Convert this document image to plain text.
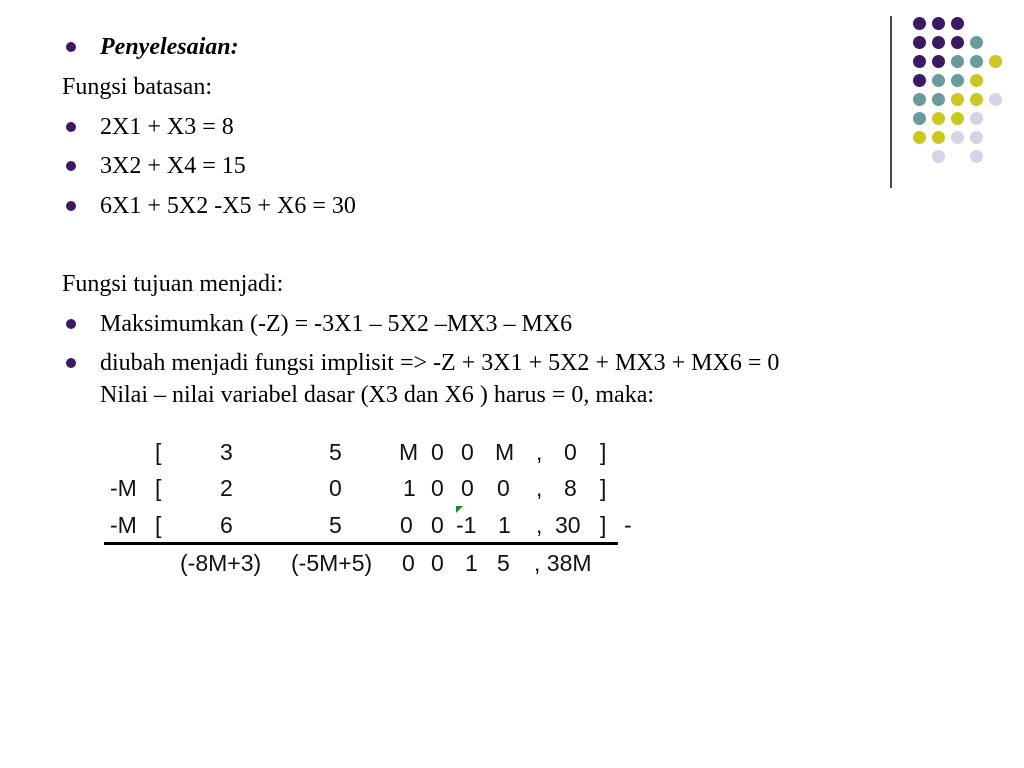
Penyelesaian:
Fungsi batasan:
2X1 + X3 = 8
3X2 + X4 = 15
6X1 + 5X2 -X5 + X6 = 30
Fungsi tujuan menjadi:
Maksimumkan (-Z) = -3X1 – 5X2 –MX3 – MX6
diubah menjadi fungsi implisit => -Z + 3X1 + 5X2 + MX3 + MX6 = 0
Nilai – nilai variabel dasar (X3 dan X6 ) harus = 0, maka:
[	3	5 M 0 0 M , 0 ]
-M [	2	0	1 0 0 0 , 8 ]
-M [	6	5	0 0 -1 1 , 30 ] -
(-8M+3) (-5M+5) 0 0 1 5 , 38M
